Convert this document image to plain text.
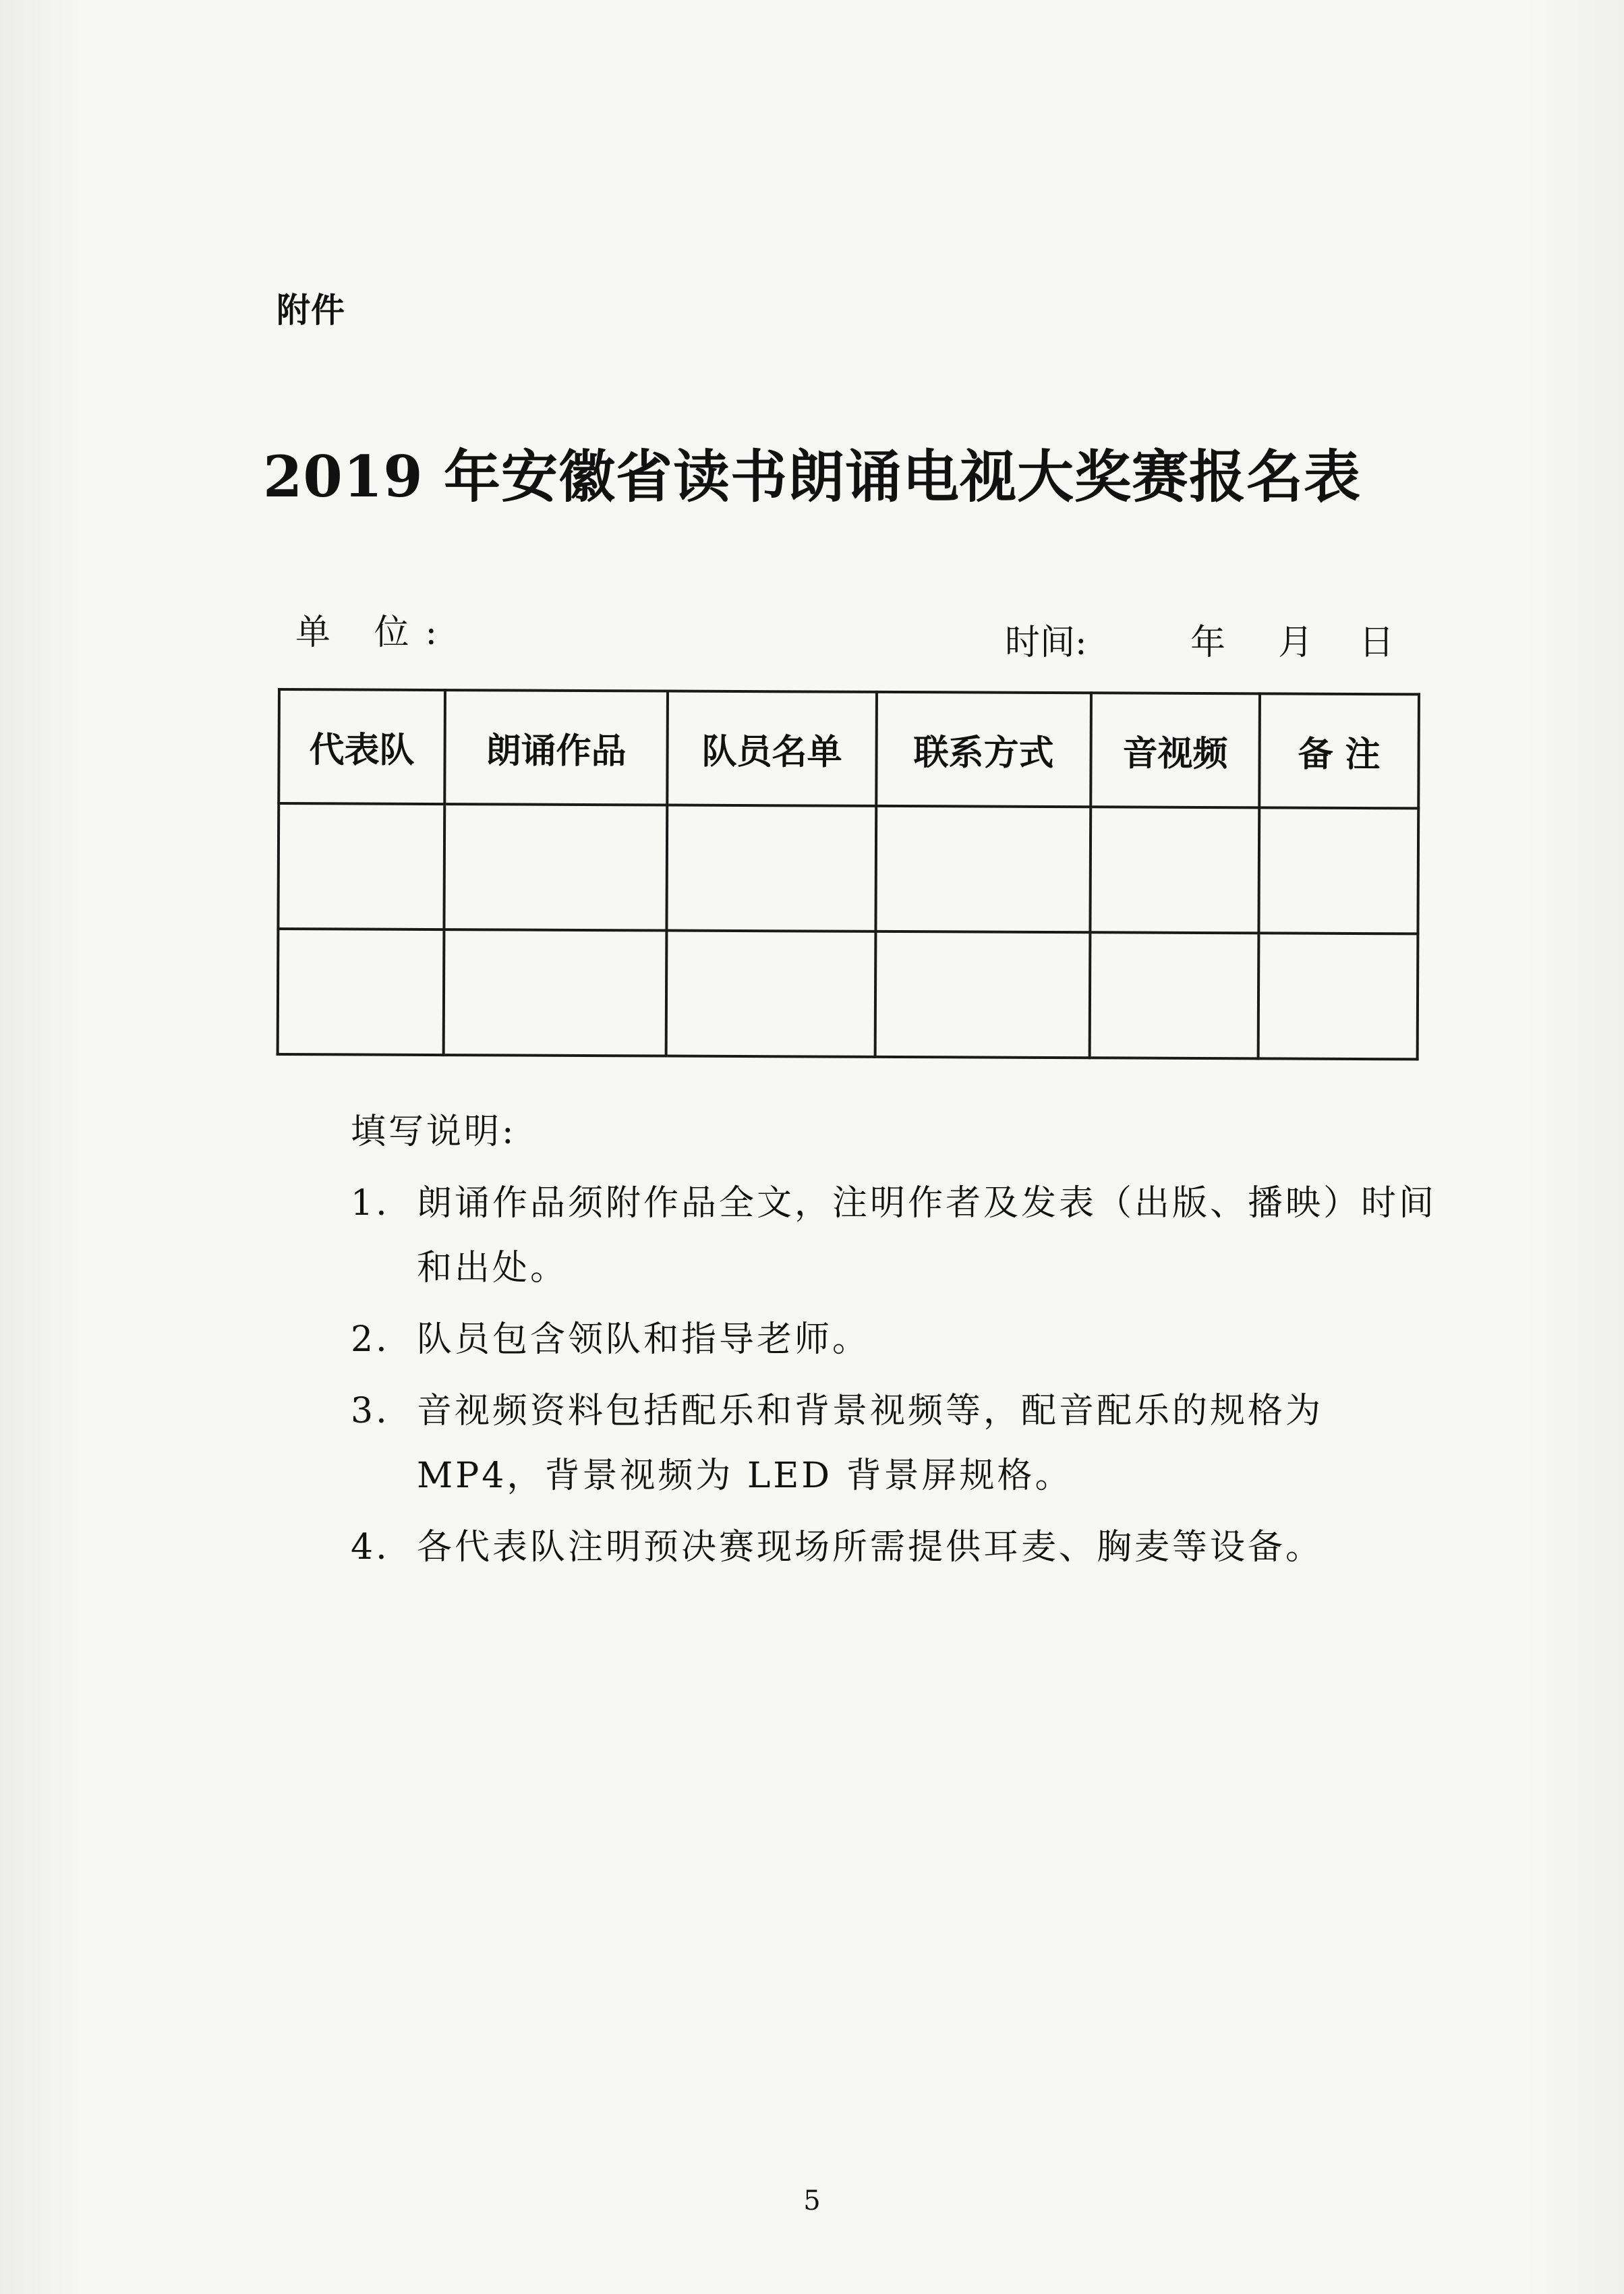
附件
2019 年安徽省读书朗诵电视大奖赛报名表
单 位:	时间:	年 月 日
代表队	朗诵作品	队员名单	联系方式	音视频	备 注

填写说明:
1. 朗诵作品须附作品全文，注明作者及发表（出版、播映）时间和出处。
2. 队员包含领队和指导老师。
3. 音视频资料包括配乐和背景视频等，配音配乐的规格为MP4，背景视频为 LED 背景屏规格。
4. 各代表队注明预决赛现场所需提供耳麦、胸麦等设备。
5
